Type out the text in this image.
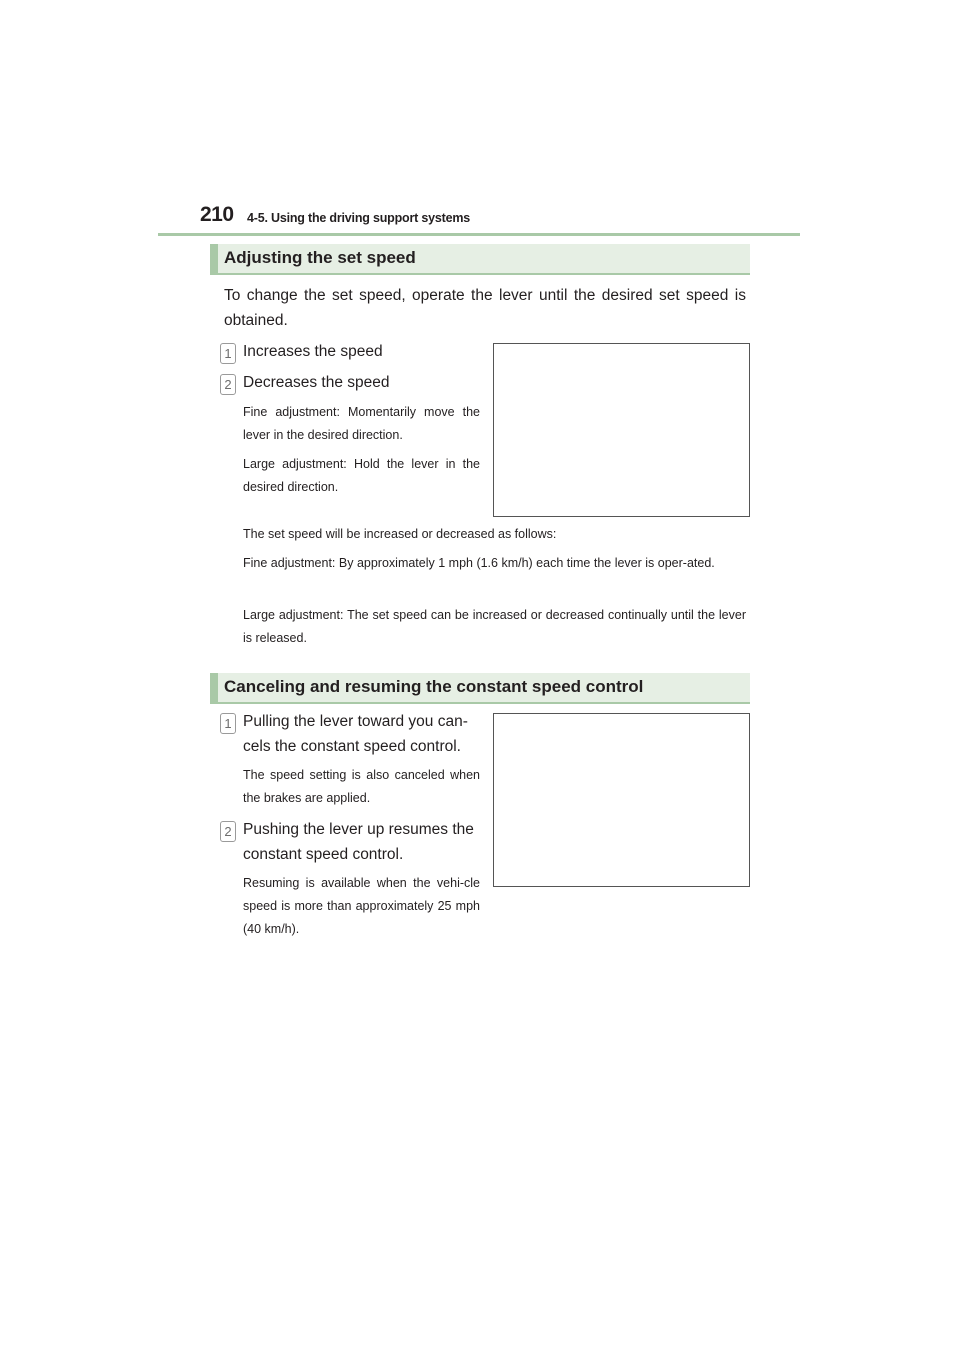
210 4-5. Using the driving support systems
Adjusting the set speed
To change the set speed, operate the lever until the desired set speed is obtained.
1 Increases the speed
2 Decreases the speed
Fine adjustment: Momentarily move the lever in the desired direction.
Large adjustment: Hold the lever in the desired direction.
The set speed will be increased or decreased as follows:
Fine adjustment: By approximately 1 mph (1.6 km/h) each time the lever is oper-ated.
Large adjustment: The set speed can be increased or decreased continually until the lever is released.
Canceling and resuming the constant speed control
1 Pulling the lever toward you can-cels the constant speed control.
The speed setting is also canceled when the brakes are applied.
2 Pushing the lever up resumes the constant speed control.
Resuming is available when the vehi-cle speed is more than approximately 25 mph (40 km/h).
